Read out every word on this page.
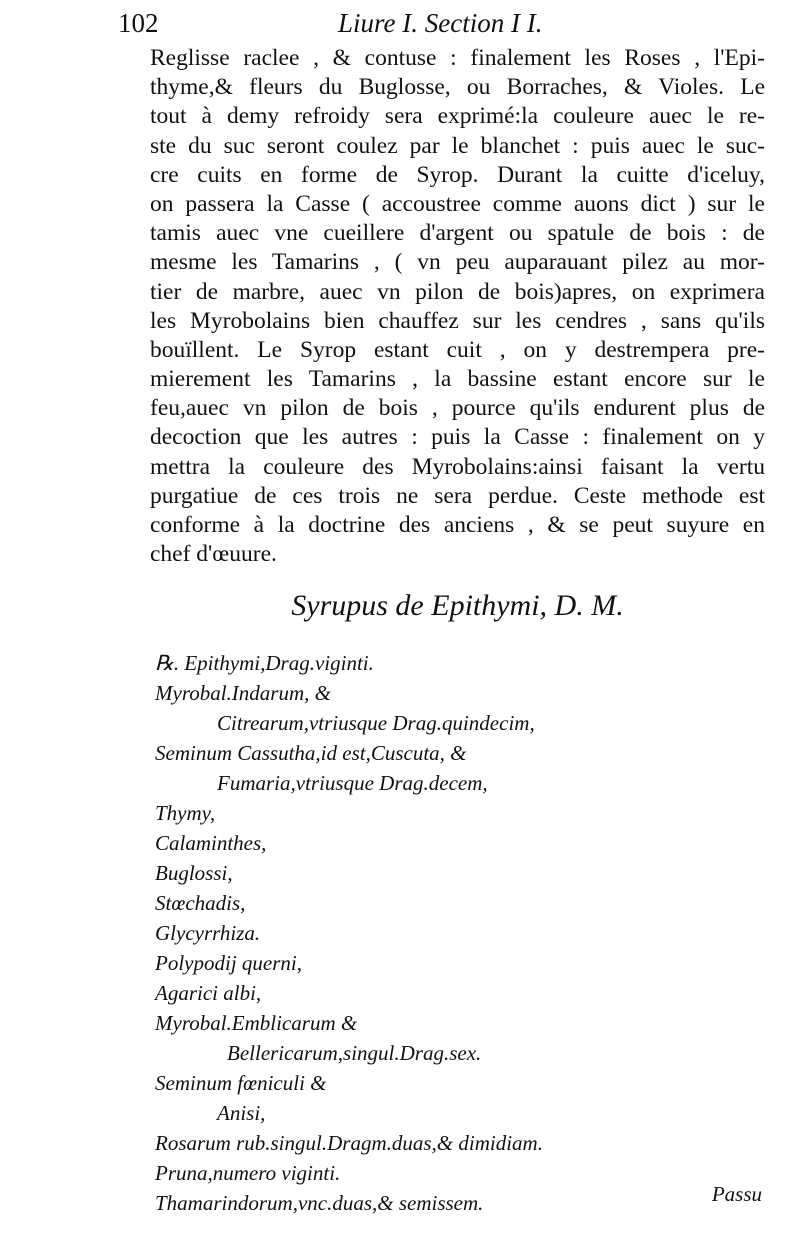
102	Liure I. Section I I.
Reglisse raclee , & contuse : finalement les Roses , l'Epi-
thyme,& fleurs du Buglosse, ou Borraches, & Violes. Le
tout à demy refroidy sera exprimé:la couleure auec le re-
ste du suc seront coulez par le blanchet : puis auec le suc-
cre cuits en forme de Syrop. Durant la cuitte d'iceluy,
on passera la Casse ( accoustree comme auons dict ) sur le
tamis auec vne cueillere d'argent ou spatule de bois : de
mesme les Tamarins , ( vn peu auparauant pilez au mor-
tier de marbre, auec vn pilon de bois)apres, on exprimera
les Myrobolains bien chauffez sur les cendres , sans qu'ils
bouïllent. Le Syrop estant cuit , on y destrempera pre-
mierement les Tamarins , la bassine estant encore sur le
feu,auec vn pilon de bois , pource qu'ils endurent plus de
decoction que les autres : puis la Casse : finalement on y
mettra la couleure des Myrobolains:ainsi faisant la vertu
purgatiue de ces trois ne sera perdue. Ceste methode est
conforme à la doctrine des anciens , & se peut suyure en
chef d'œuure.
Syrupus de Epithymi, D. M.
℞. Epithymi,Drag.viginti.
Myrobal.Indarum, &
Citrearum,vtriusque Drag.quindecim,
Seminum Cassutha,id est,Cuscuta, &
Fumaria,vtriusque Drag.decem,
Thymy,
Calaminthes,
Buglossi,
Stœchadis,
Glycyrrhiza.
Polypodij querni,
Agarici albi,
Myrobal.Emblicarum &
Bellericarum,singul.Drag.sex.
Seminum fœniculi &
Anisi,
Rosarum rub.singul.Dragm.duas,& dimidiam.
Pruna,numero viginti.
Thamarindorum,vnc.duas,& semissem.	Passu
